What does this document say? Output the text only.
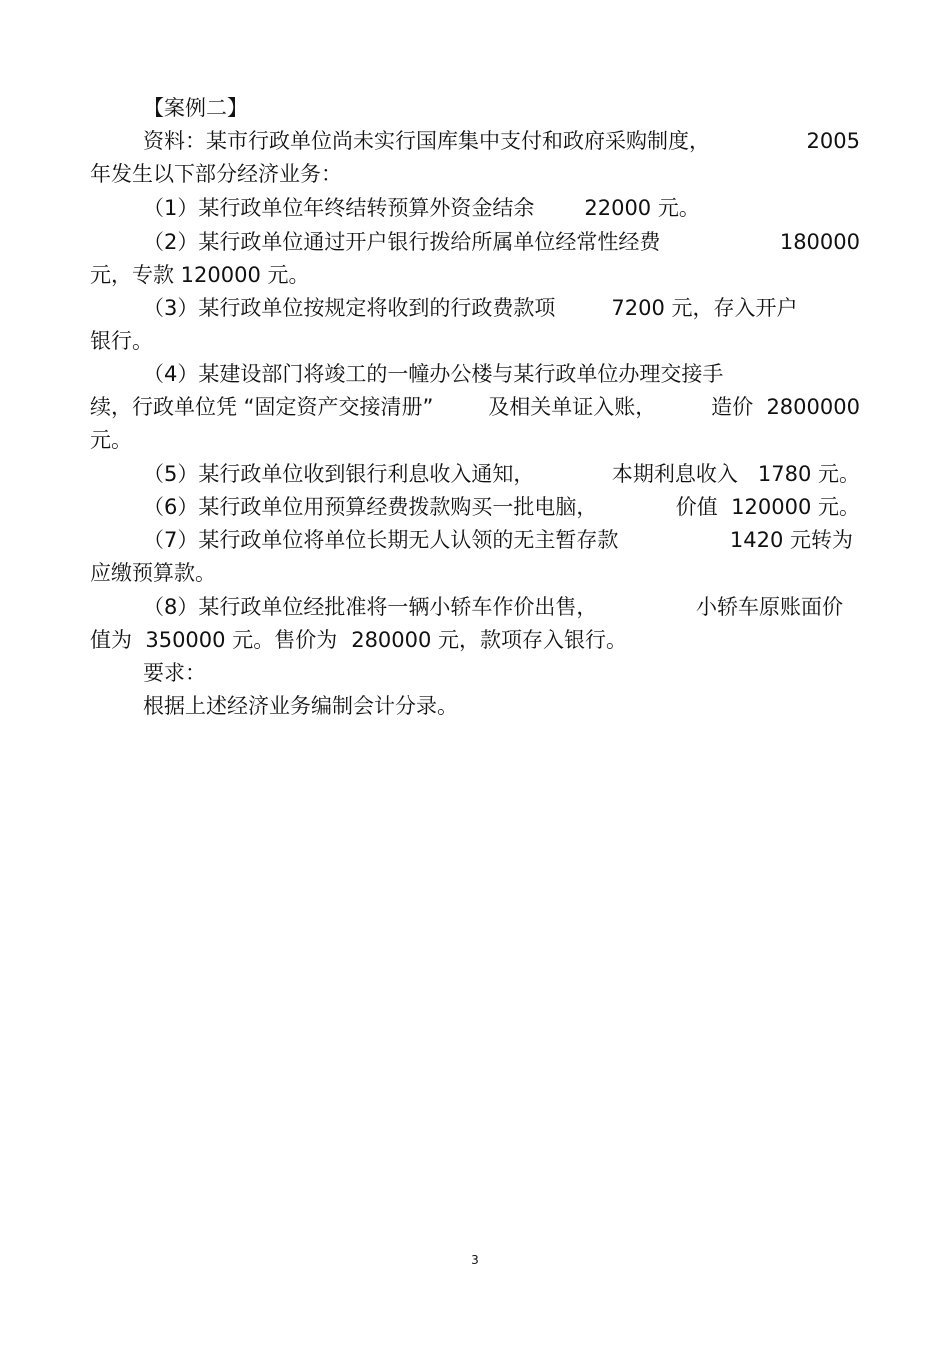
【案例二】
资料：某市行政单位尚未实行国库集中支付和政府采购制度，	2005
年发生以下部分经济业务：
（1）某行政单位年终结转预算外资金结余 22000 元。
（2）某行政单位通过开户银行拨给所属单位经常性经费	180000
元，专款 120000 元。
（3）某行政单位按规定将收到的行政费款项	7200 元，存入开户
银行。
（4）某建设部门将竣工的一幢办公楼与某行政单位办理交接手
续，行政单位凭 “固定资产交接清册”	及相关单证入账，	造价  2800000
元。
（5）某行政单位收到银行利息收入通知，	本期利息收入   1780 元。
（6）某行政单位用预算经费拨款购买一批电脑，	价值  120000 元。
（7）某行政单位将单位长期无人认领的无主暂存款	1420 元转为
应缴预算款。
（8）某行政单位经批准将一辆小轿车作价出售，	小轿车原账面价
值为  350000 元。售价为 280000 元，款项存入银行。
要求：
根据上述经济业务编制会计分录。
3
